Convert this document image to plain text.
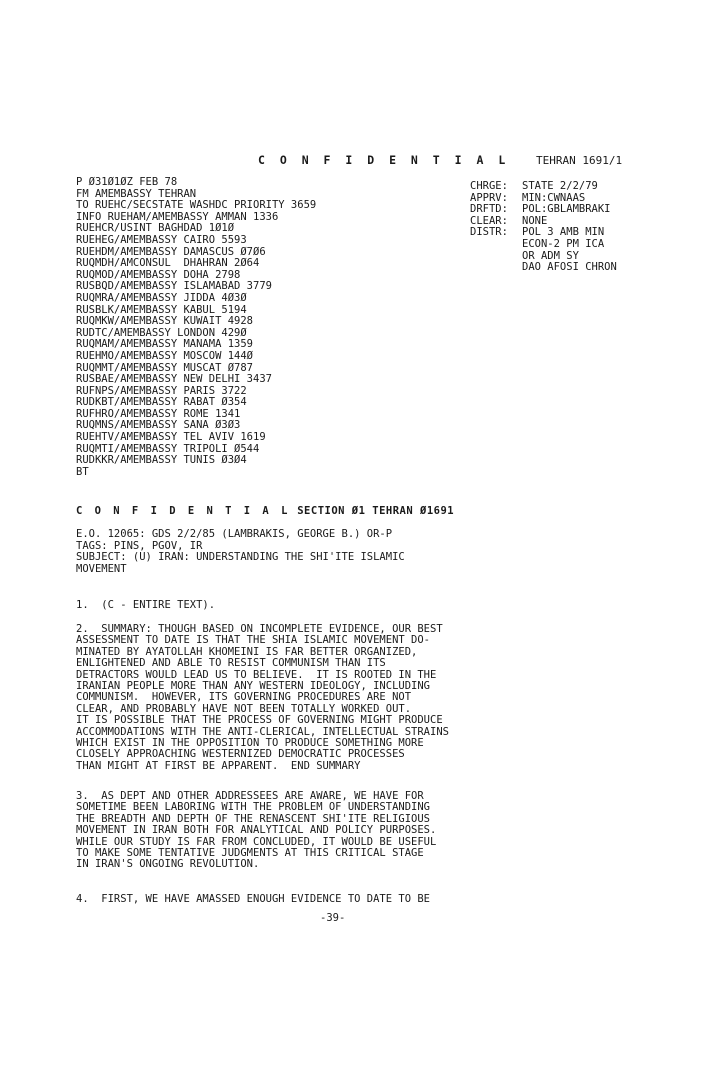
C O N F I D E N T I A L TEHRAN 1691/1
P Ø31Ø1ØZ FEB 78
FM AMEMBASSY TEHRAN
TO RUEHC/SECSTATE WASHDC PRIORITY 3659
INFO RUEHAM/AMEMBASSY AMMAN 1336
RUEHCR/USINT BAGHDAD 1Ø1Ø
RUEHEG/AMEMBASSY CAIRO 5593
RUEHDM/AMEMBASSY DAMASCUS Ø7Ø6
RUQMDH/AMCONSUL  DHAHRAN 2Ø64
RUQMOD/AMEMBASSY DOHA 2798
RUSBQD/AMEMBASSY ISLAMABAD 3779
RUQMRA/AMEMBASSY JIDDA 4Ø3Ø
RUSBLK/AMEMBASSY KABUL 5194
RUQMKW/AMEMBASSY KUWAIT 4928
RUDTC/AMEMBASSY LONDON 429Ø
RUQMAM/AMEMBASSY MANAMA 1359
RUEHMO/AMEMBASSY MOSCOW 144Ø
RUQMMT/AMEMBASSY MUSCAT Ø787
RUSBAE/AMEMBASSY NEW DELHI 3437
RUFNPS/AMEMBASSY PARIS 3722
RUDKBT/AMEMBASSY RABAT Ø354
RUFHRO/AMEMBASSY ROME 1341
RUQMNS/AMEMBASSY SANA Ø3Ø3
RUEHTV/AMEMBASSY TEL AVIV 1619
RUQMTI/AMEMBASSY TRIPOLI Ø544
RUDKKR/AMEMBASSY TUNIS Ø3Ø4
BT
CHRGE:	STATE 2/2/79
APPRV:	MIN:CWNAAS
DRFTD:	POL:GBLAMBRAKI
CLEAR:	NONE
DISTR:	POL 3 AMB MIN
ECON-2 PM ICA
OR ADM SY
DAO AFOSI CHRON
C O N F I D E N T I A L SECTION Ø1 TEHRAN Ø1691
E.O. 12065: GDS 2/2/85 (LAMBRAKIS, GEORGE B.) OR-P
TAGS: PINS, PGOV, IR
SUBJECT: (U) IRAN: UNDERSTANDING THE SHI'ITE ISLAMIC
MOVEMENT
1.  (C - ENTIRE TEXT).
2.  SUMMARY: THOUGH BASED ON INCOMPLETE EVIDENCE, OUR BEST
ASSESSMENT TO DATE IS THAT THE SHIA ISLAMIC MOVEMENT DO-
MINATED BY AYATOLLAH KHOMEINI IS FAR BETTER ORGANIZED,
ENLIGHTENED AND ABLE TO RESIST COMMUNISM THAN ITS
DETRACTORS WOULD LEAD US TO BELIEVE.  IT IS ROOTED IN THE
IRANIAN PEOPLE MORE THAN ANY WESTERN IDEOLOGY, INCLUDING
COMMUNISM.  HOWEVER, ITS GOVERNING PROCEDURES ARE NOT
CLEAR, AND PROBABLY HAVE NOT BEEN TOTALLY WORKED OUT.
IT IS POSSIBLE THAT THE PROCESS OF GOVERNING MIGHT PRODUCE
ACCOMMODATIONS WITH THE ANTI-CLERICAL, INTELLECTUAL STRAINS
WHICH EXIST IN THE OPPOSITION TO PRODUCE SOMETHING MORE
CLOSELY APPROACHING WESTERNIZED DEMOCRATIC PROCESSES
THAN MIGHT AT FIRST BE APPARENT.  END SUMMARY
3.  AS DEPT AND OTHER ADDRESSEES ARE AWARE, WE HAVE FOR
SOMETIME BEEN LABORING WITH THE PROBLEM OF UNDERSTANDING
THE BREADTH AND DEPTH OF THE RENASCENT SHI'ITE RELIGIOUS
MOVEMENT IN IRAN BOTH FOR ANALYTICAL AND POLICY PURPOSES.
WHILE OUR STUDY IS FAR FROM CONCLUDED, IT WOULD BE USEFUL
TO MAKE SOME TENTATIVE JUDGMENTS AT THIS CRITICAL STAGE
IN IRAN'S ONGOING REVOLUTION.
4.  FIRST, WE HAVE AMASSED ENOUGH EVIDENCE TO DATE TO BE
-39-
